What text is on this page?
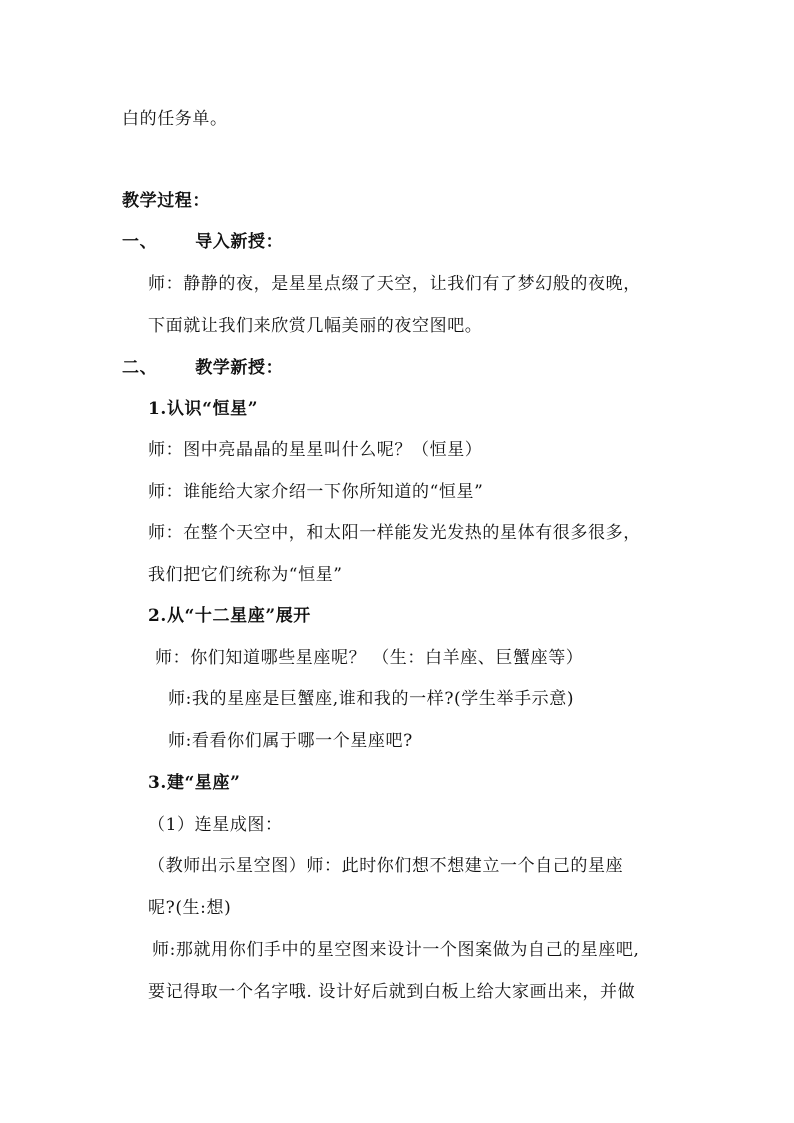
白的任务单。
教学过程：
一、 导入新授：
师：静静的夜，是星星点缀了天空，让我们有了梦幻般的夜晚，
下面就让我们来欣赏几幅美丽的夜空图吧。
二、 教学新授：
1.认识“恒星”
师：图中亮晶晶的星星叫什么呢？（恒星）
师：谁能给大家介绍一下你所知道的“恒星”
师：在整个天空中，和太阳一样能发光发热的星体有很多很多，
我们把它们统称为“恒星”
2.从“十二星座”展开
师：你们知道哪些星座呢？ （生：白羊座、巨蟹座等）
师:我的星座是巨蟹座,谁和我的一样?(学生举手示意)
师:看看你们属于哪一个星座吧?
3.建“星座”
（1）连星成图：
（教师出示星空图）师：此时你们想不想建立一个自己的星座
呢?(生:想)
师:那就用你们手中的星空图来设计一个图案做为自己的星座吧,
要记得取一个名字哦. 设计好后就到白板上给大家画出来，并做
